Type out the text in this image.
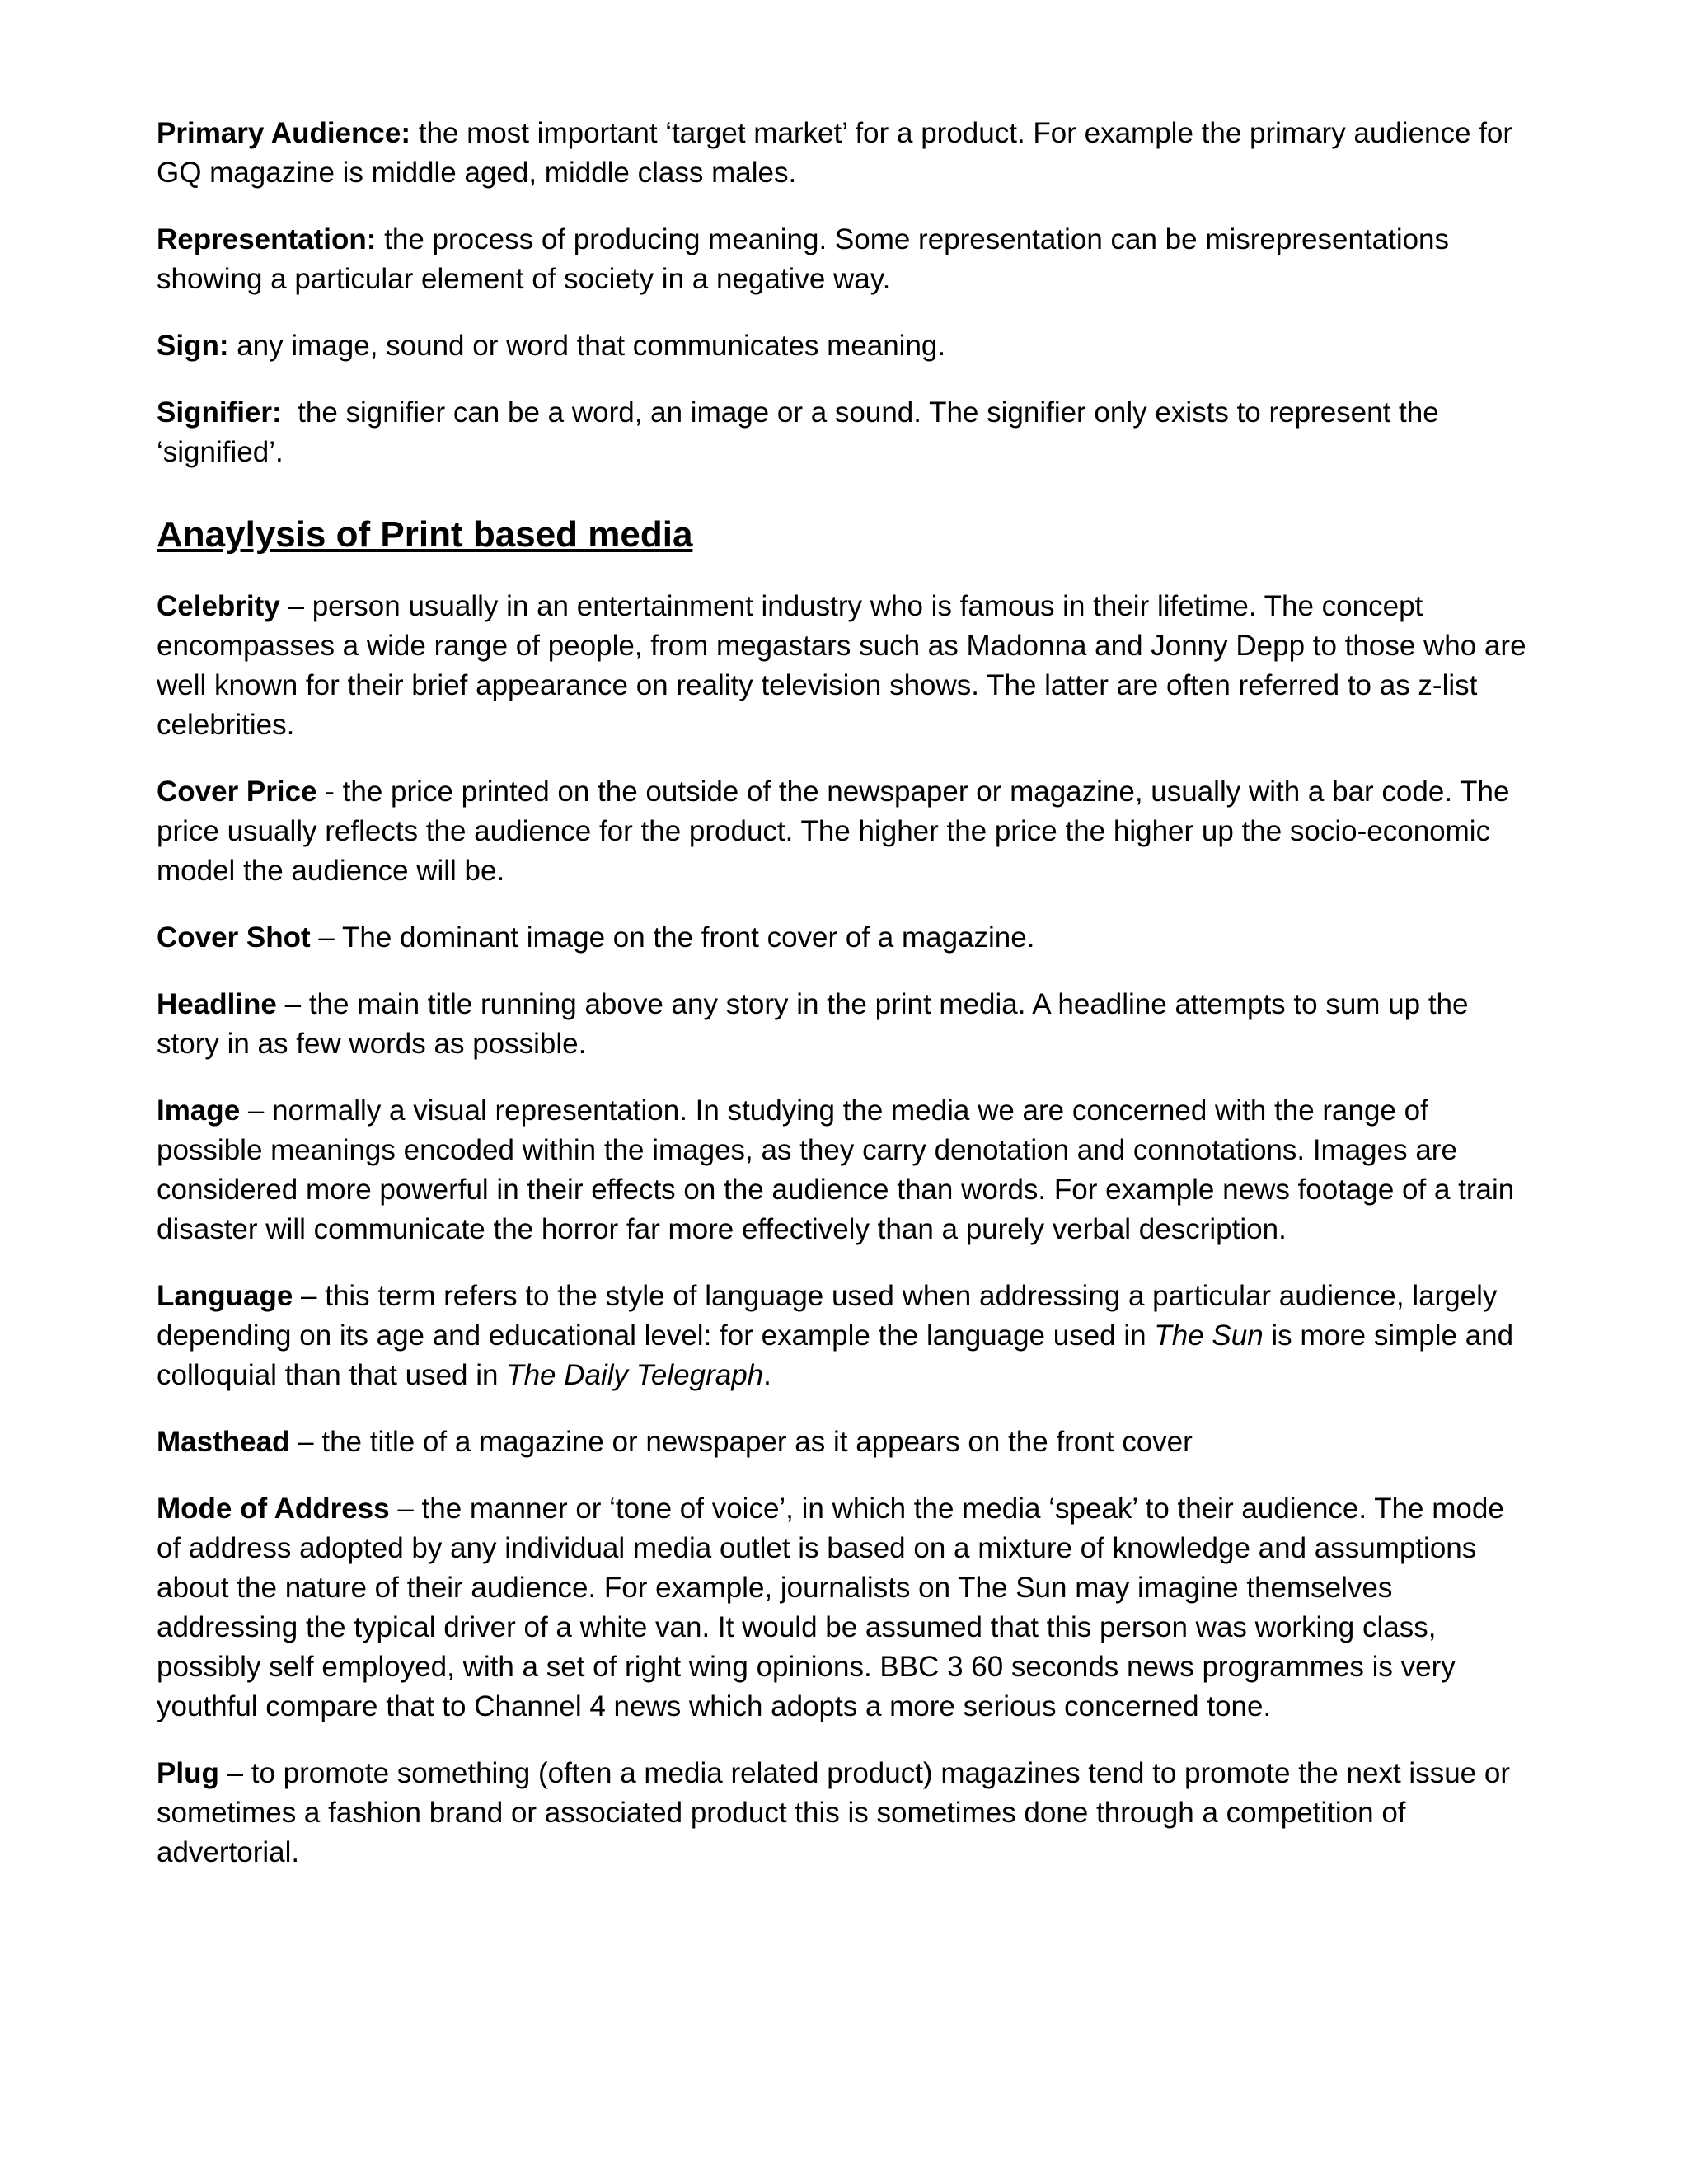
Primary Audience: the most important ‘target market’ for a product. For example the primary audience for GQ magazine is middle aged, middle class males.

Representation: the process of producing meaning. Some representation can be misrepresentations showing a particular element of society in a negative way.

Sign: any image, sound or word that communicates meaning.

Signifier: the signifier can be a word, an image or a sound. The signifier only exists to represent the ‘signified’.

Anaylysis of Print based media

Celebrity – person usually in an entertainment industry who is famous in their lifetime. The concept encompasses a wide range of people, from megastars such as Madonna and Jonny Depp to those who are well known for their brief appearance on reality television shows. The latter are often referred to as z-list celebrities.

Cover Price - the price printed on the outside of the newspaper or magazine, usually with a bar code. The price usually reflects the audience for the product. The higher the price the higher up the socio-economic model the audience will be.

Cover Shot – The dominant image on the front cover of a magazine.

Headline – the main title running above any story in the print media. A headline attempts to sum up the story in as few words as possible.

Image – normally a visual representation. In studying the media we are concerned with the range of possible meanings encoded within the images, as they carry denotation and connotations. Images are considered more powerful in their effects on the audience than words. For example news footage of a train disaster will communicate the horror far more effectively than a purely verbal description.

Language – this term refers to the style of language used when addressing a particular audience, largely depending on its age and educational level: for example the language used in The Sun is more simple and colloquial than that used in The Daily Telegraph.

Masthead – the title of a magazine or newspaper as it appears on the front cover

Mode of Address – the manner or ‘tone of voice’, in which the media ‘speak’ to their audience. The mode of address adopted by any individual media outlet is based on a mixture of knowledge and assumptions about the nature of their audience. For example, journalists on The Sun may imagine themselves addressing the typical driver of a white van. It would be assumed that this person was working class, possibly self employed, with a set of right wing opinions. BBC 3 60 seconds news programmes is very youthful compare that to Channel 4 news which adopts a more serious concerned tone.

Plug – to promote something (often a media related product) magazines tend to promote the next issue or sometimes a fashion brand or associated product this is sometimes done through a competition of advertorial.
